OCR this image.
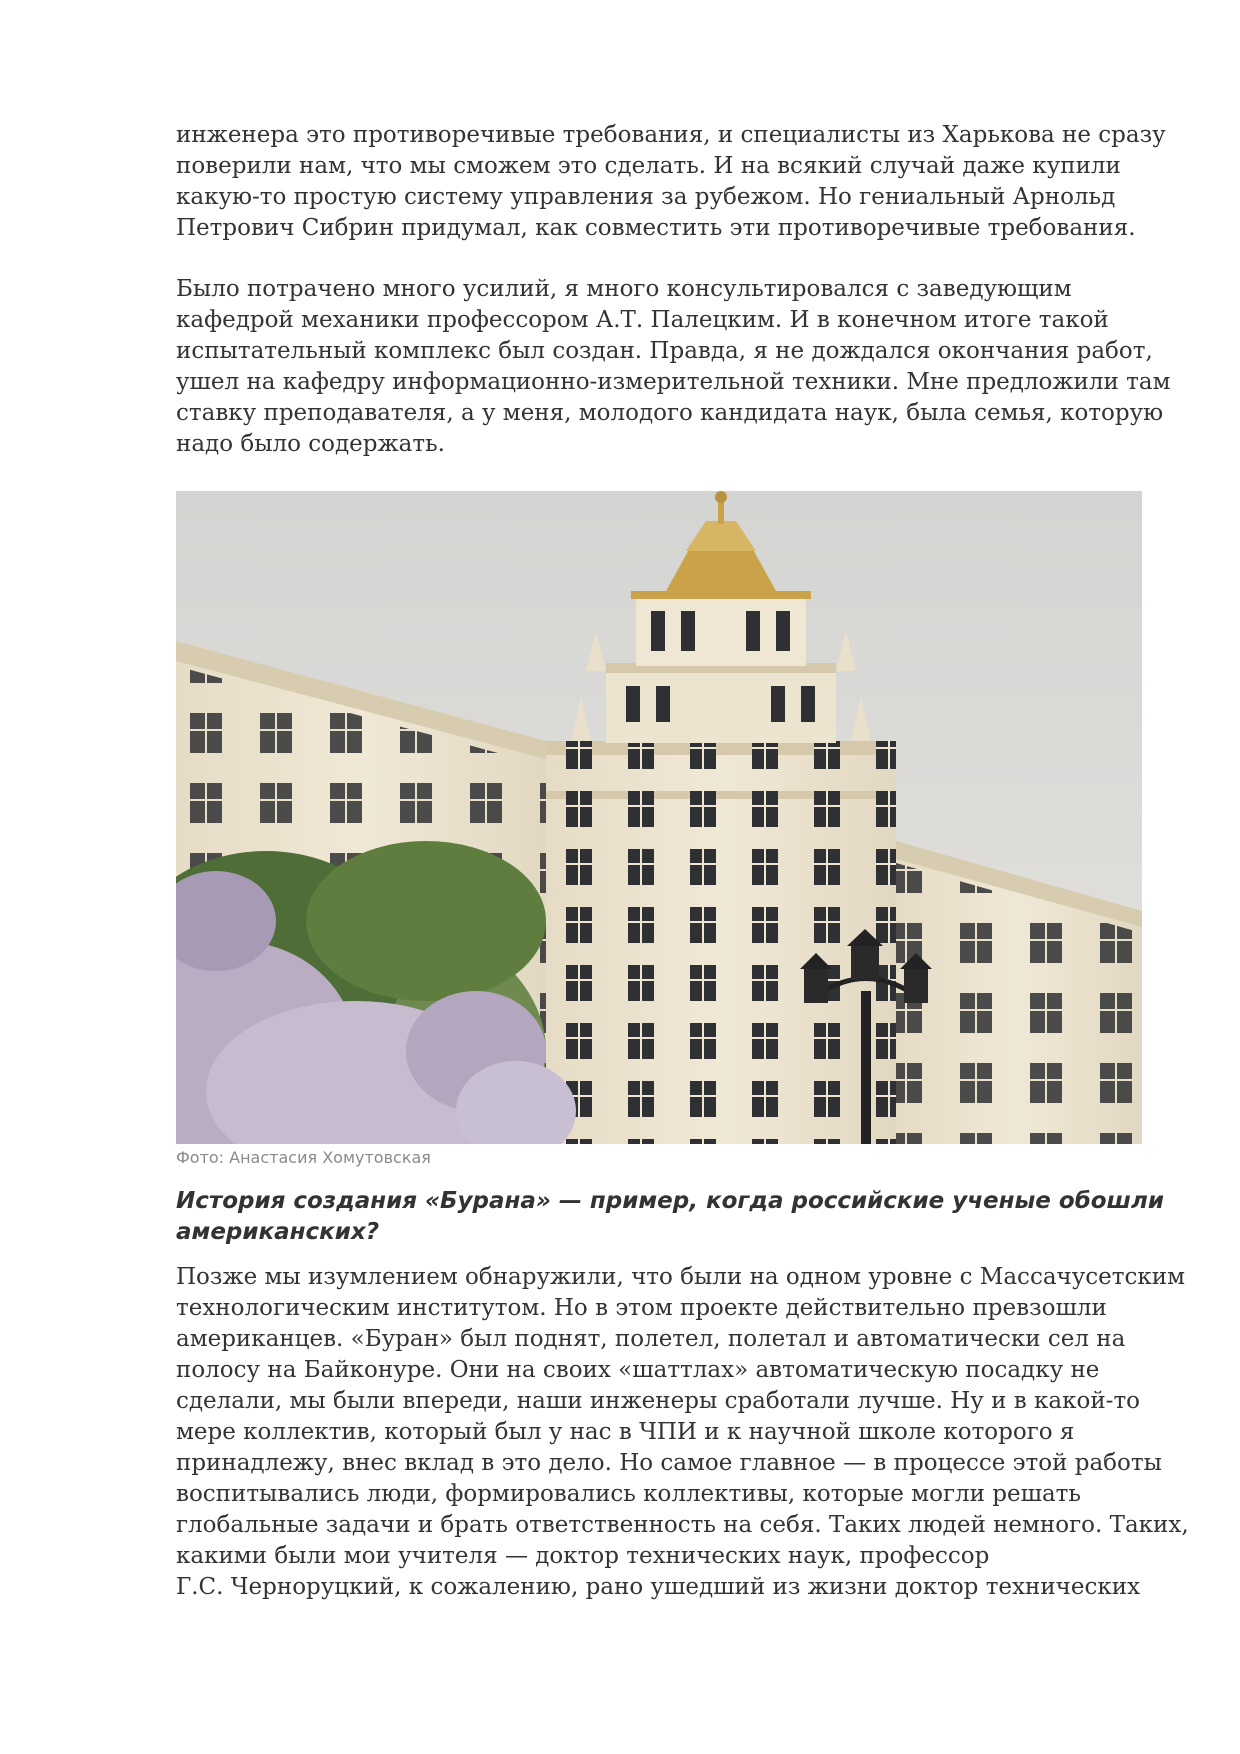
инженера это противоречивые требования, и специалисты из Харькова не сразу
поверили нам, что мы сможем это сделать. И на всякий случай даже купили
какую-то простую систему управления за рубежом. Но гениальный Арнольд
Петрович Сибрин придумал, как совместить эти противоречивые требования.

Было потрачено много усилий, я много консультировался с заведующим
кафедрой механики профессором А.Т. Палецким. И в конечном итоге такой
испытательный комплекс был создан. Правда, я не дождался окончания работ,
ушел на кафедру информационно-измерительной техники. Мне предложили там
ставку преподавателя, а у меня, молодого кандидата наук, была семья, которую
надо было содержать.

Фото: Анастасия Хомутовская

История создания «Бурана» — пример, когда российские ученые обошли
американских?

Позже мы изумлением обнаружили, что были на одном уровне с Массачусетским
технологическим институтом. Но в этом проекте действительно превзошли
американцев. «Буран» был поднят, полетел, полетал и автоматически сел на
полосу на Байконуре. Они на своих «шаттлах» автоматическую посадку не
сделали, мы были впереди, наши инженеры сработали лучше. Ну и в какой-то
мере коллектив, который был у нас в ЧПИ и к научной школе которого я
принадлежу, внес вклад в это дело. Но самое главное — в процессе этой работы
воспитывались люди, формировались коллективы, которые могли решать
глобальные задачи и брать ответственность на себя. Таких людей немного. Таких,
какими были мои учителя — доктор технических наук, профессор
Г.С. Черноруцкий, к сожалению, рано ушедший из жизни доктор технических
